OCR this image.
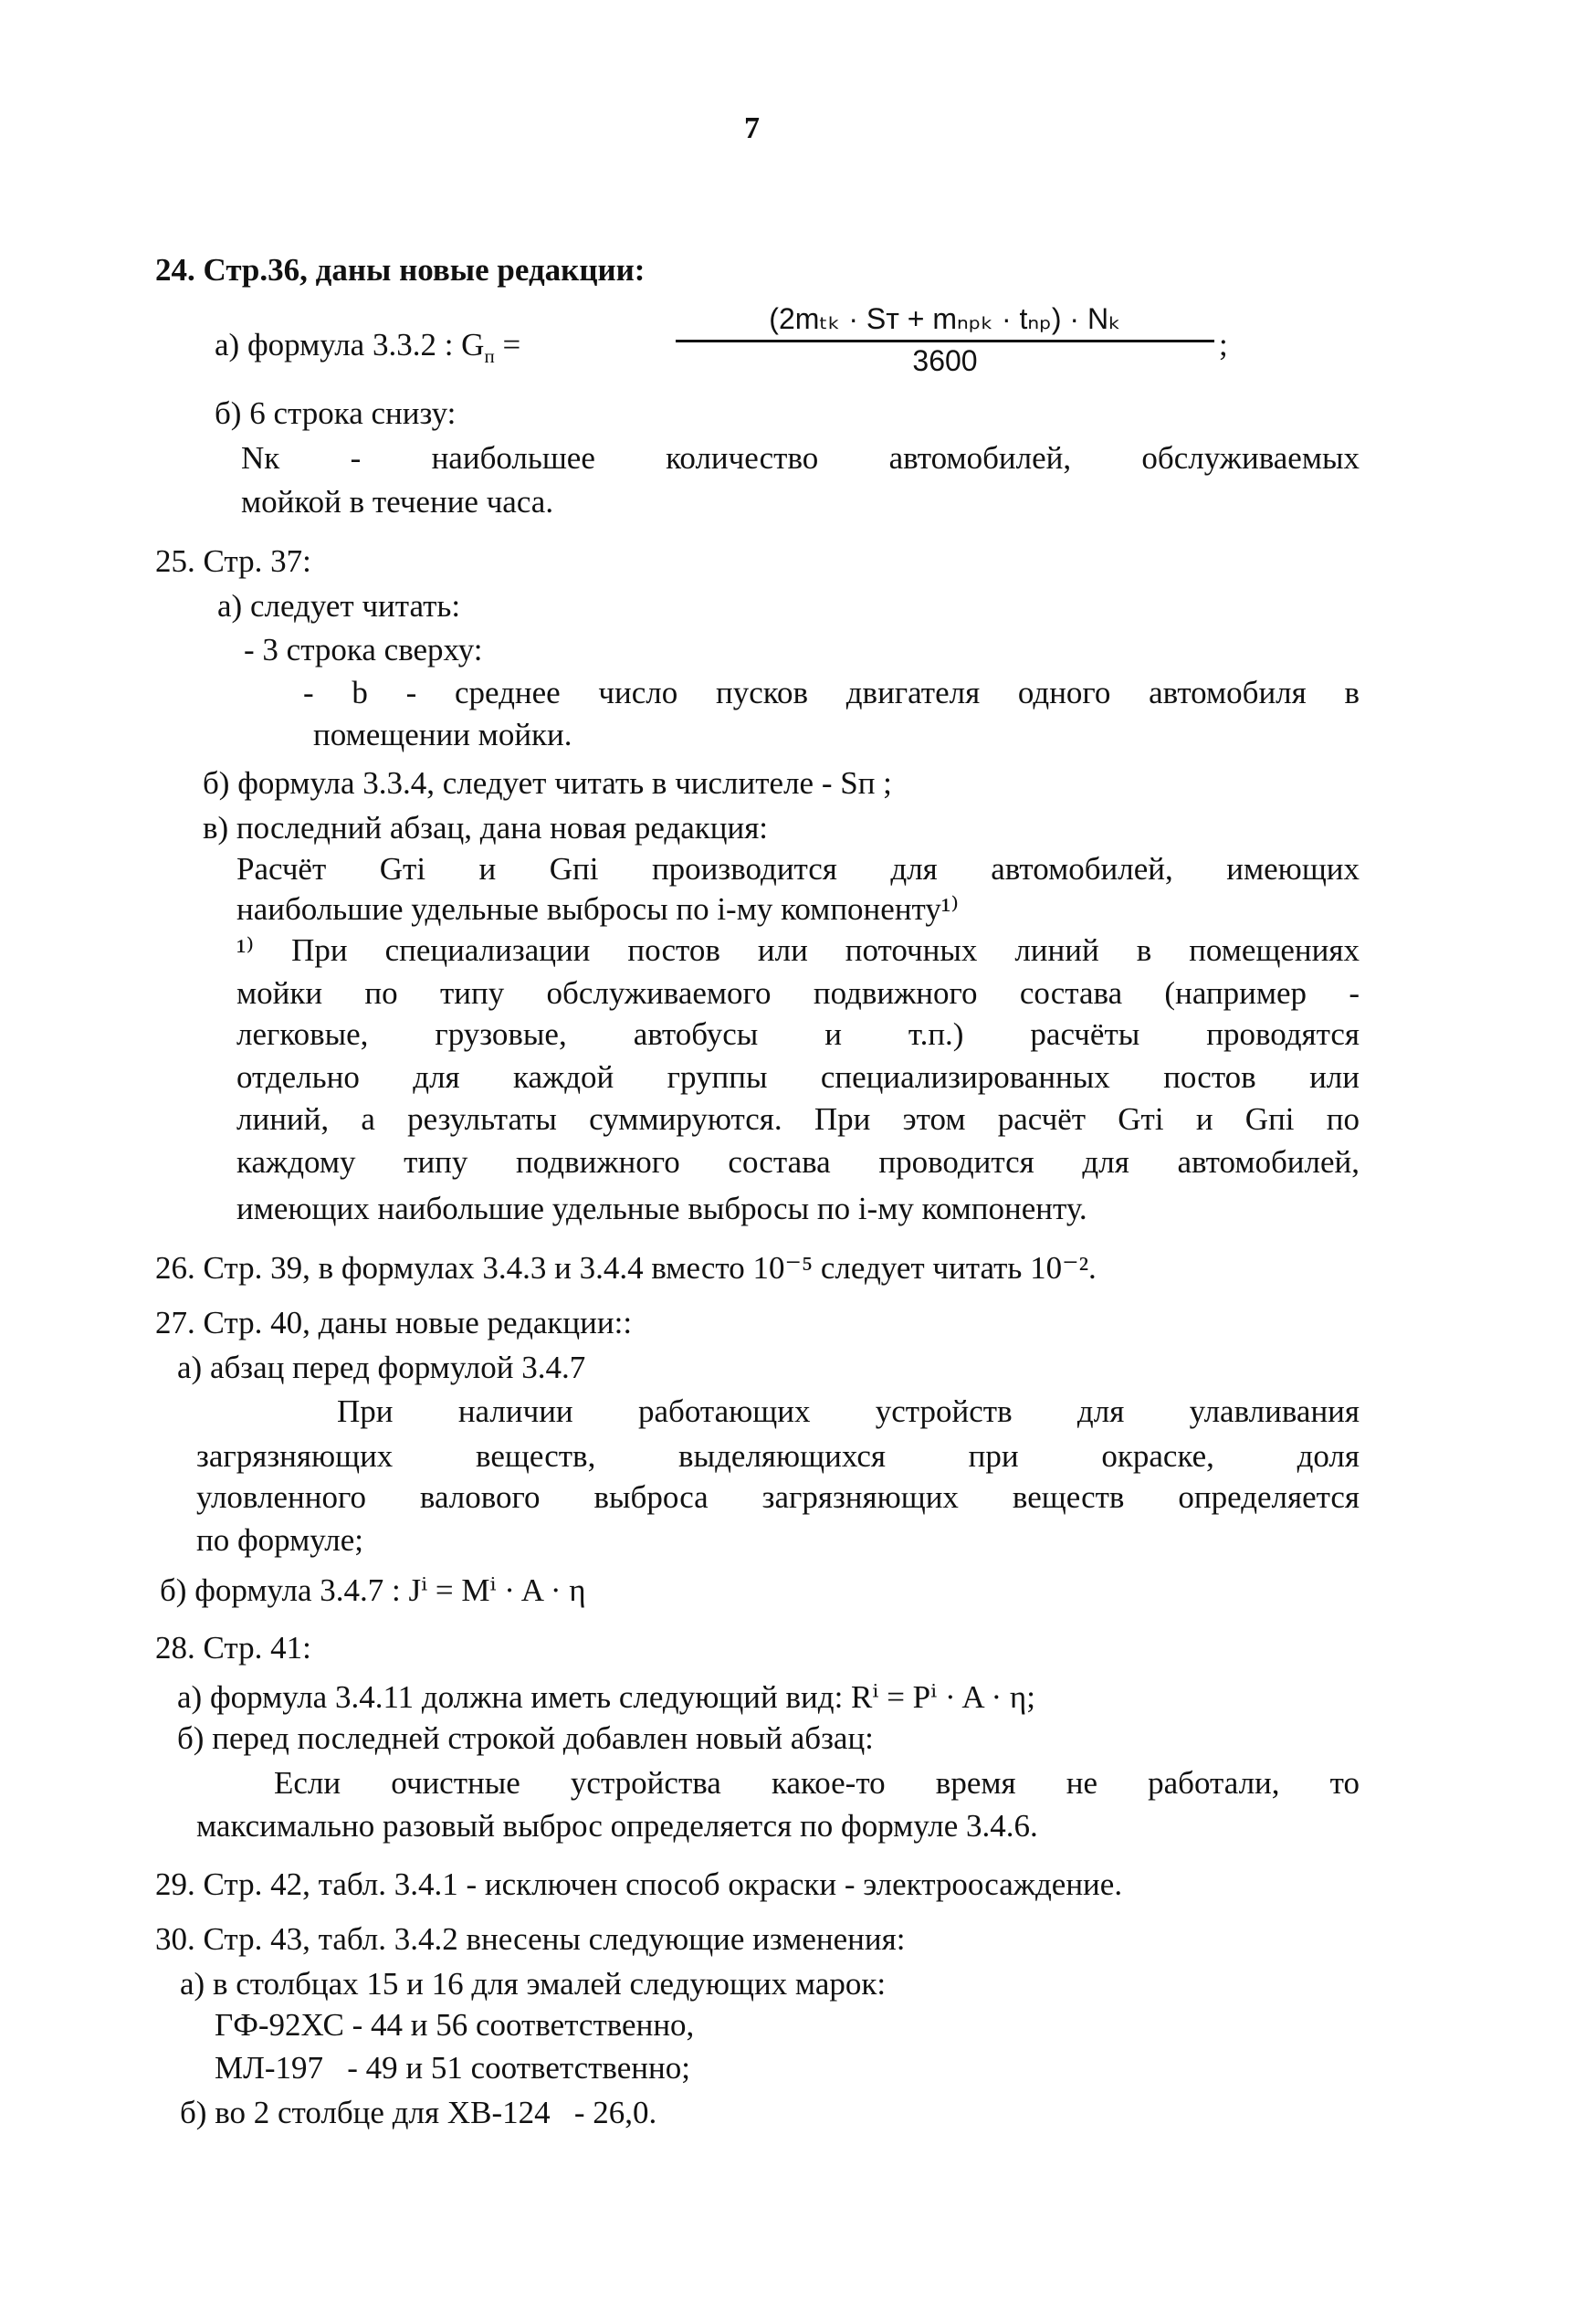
7
а) формула 3.3.2 : $G_п$ =
(2mₜₖ · Sᴛ + mₙₚₖ · tₙₚ) · Nₖ
3600	;
24. Стр.36, даны новые редакции:
б) 6 строка снизу:
Nк - наибольшее количество автомобилей, обслуживаемых
мойкой в течение часа.
25. Стр. 37:
а) следует читать:
- 3 строка сверху:
- b - среднее число пусков двигателя одного автомобиля в
помещении мойки.
б) формула 3.3.4, следует читать в числителе - Sп ;
в) последний абзац, дана новая редакция:
Расчёт Gтi и Gпi производится для автомобилей, имеющих
наибольшие удельные выбросы по i-му компоненту¹⁾
¹⁾ При специализации постов или поточных линий в помещениях
мойки по типу обслуживаемого подвижного состава (например -
легковые, грузовые, автобусы и т.п.) расчёты проводятся
отдельно для каждой группы специализированных постов или
линий, а результаты суммируются. При этом расчёт Gтi и Gпi по
каждому типу подвижного состава проводится для автомобилей,
имеющих наибольшие удельные выбросы по i-му компоненту.
26. Стр. 39, в формулах 3.4.3 и 3.4.4 вместо 10⁻⁵ следует читать 10⁻².
27. Стр. 40, даны новые редакции::
а) абзац перед формулой 3.4.7
При наличии работающих устройств для улавливания
загрязняющих веществ, выделяющихся при окраске, доля
уловленного валового выброса загрязняющих веществ определяется
по формуле;
б) формула 3.4.7 : Jⁱ = Mⁱ · A · η
28. Стр. 41:
а) формула 3.4.11 должна иметь следующий вид: Rⁱ = Pⁱ · A · η;
б) перед последней строкой добавлен новый абзац:
Если очистные устройства какое-то время не работали, то
максимально разовый выброс определяется по формуле 3.4.6.
29. Стр. 42, табл. 3.4.1 - исключен способ окраски - электроосаждение.
30. Стр. 43, табл. 3.4.2 внесены следующие изменения:
а) в столбцах 15 и 16 для эмалей следующих марок:
ГФ-92ХС - 44 и 56 соответственно,
МЛ-197   - 49 и 51 соответственно;
б) во 2 столбце для ХВ-124   - 26,0.
